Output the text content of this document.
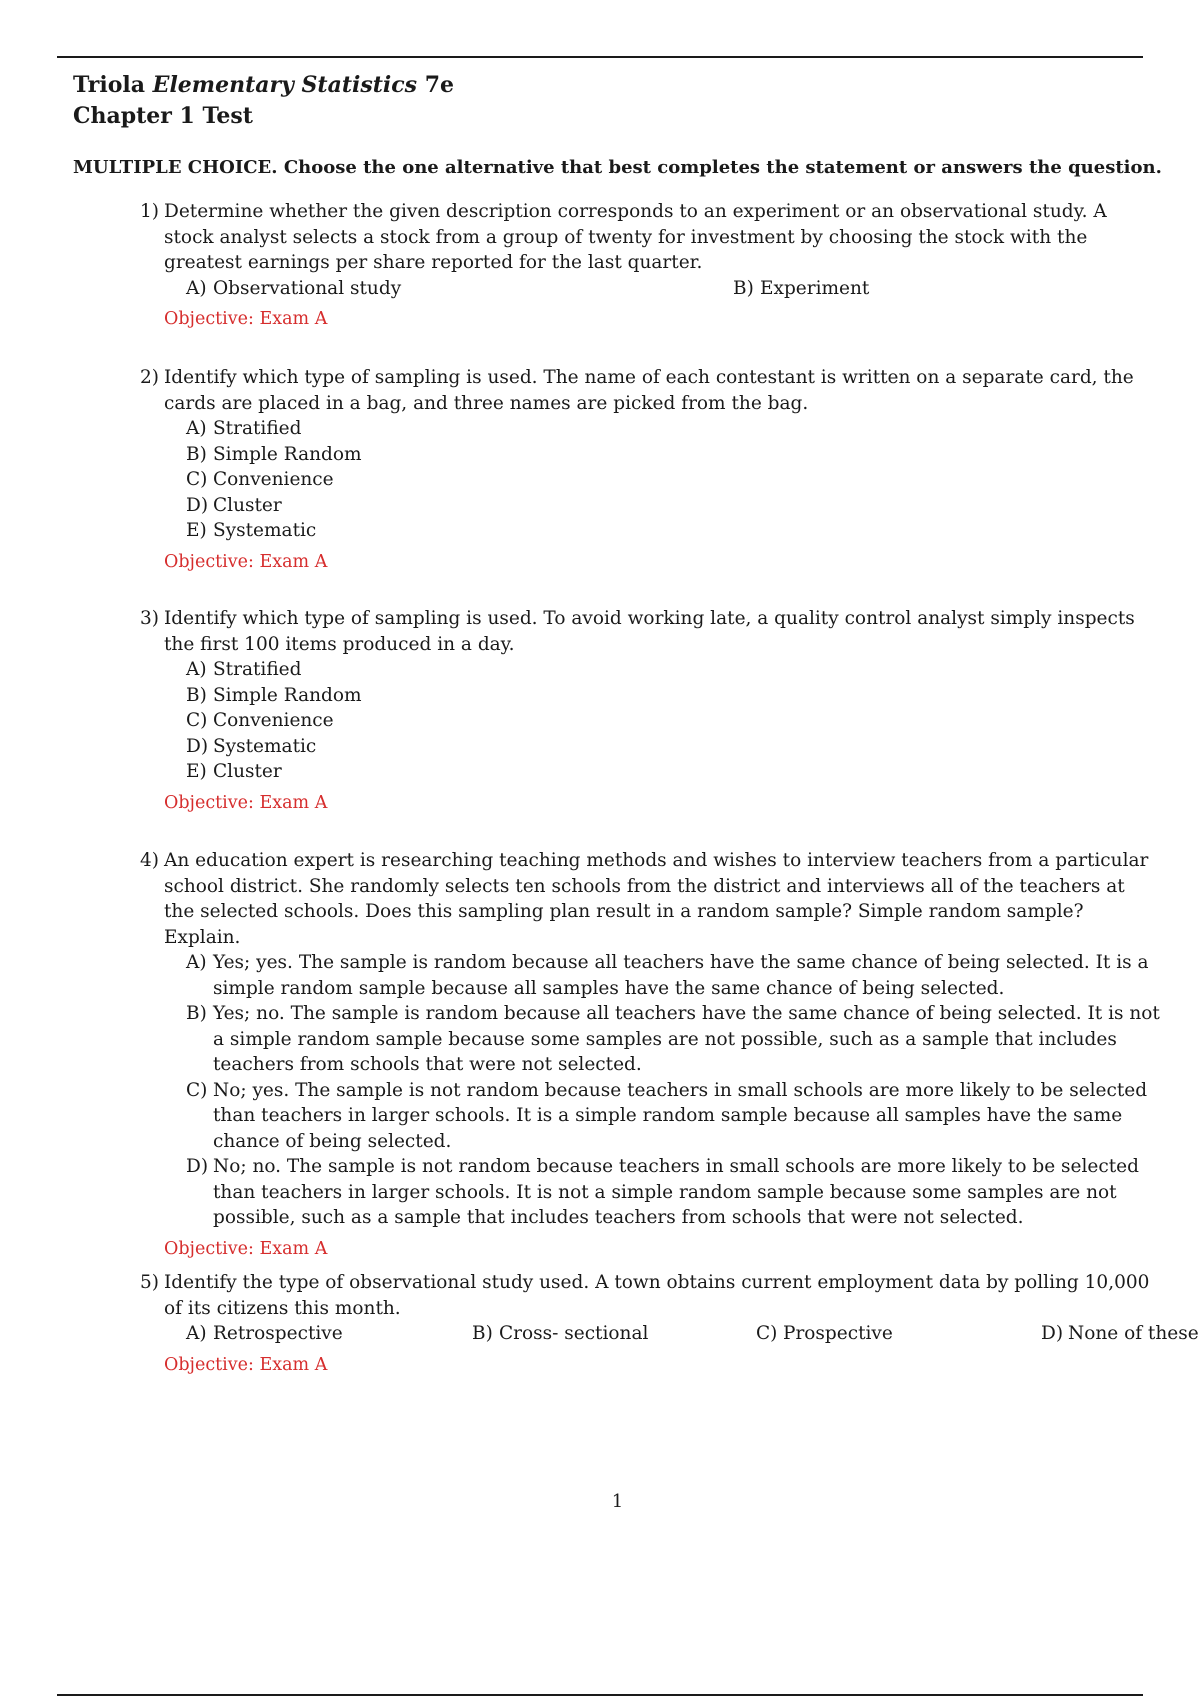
Triola Elementary Statistics 7e
Chapter 1 Test
MULTIPLE CHOICE. Choose the one alternative that best completes the statement or answers the question.
1) Determine whether the given description corresponds to an experiment or an observational study. A stock analyst selects a stock from a group of twenty for investment by choosing the stock with the greatest earnings per share reported for the last quarter.
A) Observational study	B) Experiment
Objective: Exam A
2) Identify which type of sampling is used. The name of each contestant is written on a separate card, the cards are placed in a bag, and three names are picked from the bag.
A) Stratified
B) Simple Random
C) Convenience
D) Cluster
E) Systematic
Objective: Exam A
3) Identify which type of sampling is used. To avoid working late, a quality control analyst simply inspects the first 100 items produced in a day.
A) Stratified
B) Simple Random
C) Convenience
D) Systematic
E) Cluster
Objective: Exam A
4) An education expert is researching teaching methods and wishes to interview teachers from a particular school district. She randomly selects ten schools from the district and interviews all of the teachers at the selected schools. Does this sampling plan result in a random sample? Simple random sample? Explain.
A) Yes; yes. The sample is random because all teachers have the same chance of being selected. It is a simple random sample because all samples have the same chance of being selected.
B) Yes; no. The sample is random because all teachers have the same chance of being selected. It is not a simple random sample because some samples are not possible, such as a sample that includes teachers from schools that were not selected.
C) No; yes. The sample is not random because teachers in small schools are more likely to be selected than teachers in larger schools. It is a simple random sample because all samples have the same chance of being selected.
D) No; no. The sample is not random because teachers in small schools are more likely to be selected than teachers in larger schools. It is not a simple random sample because some samples are not possible, such as a sample that includes teachers from schools that were not selected.
Objective: Exam A
5) Identify the type of observational study used. A town obtains current employment data by polling 10,000 of its citizens this month.
A) Retrospective	B) Cross- sectional	C) Prospective	D) None of these
Objective: Exam A
1
